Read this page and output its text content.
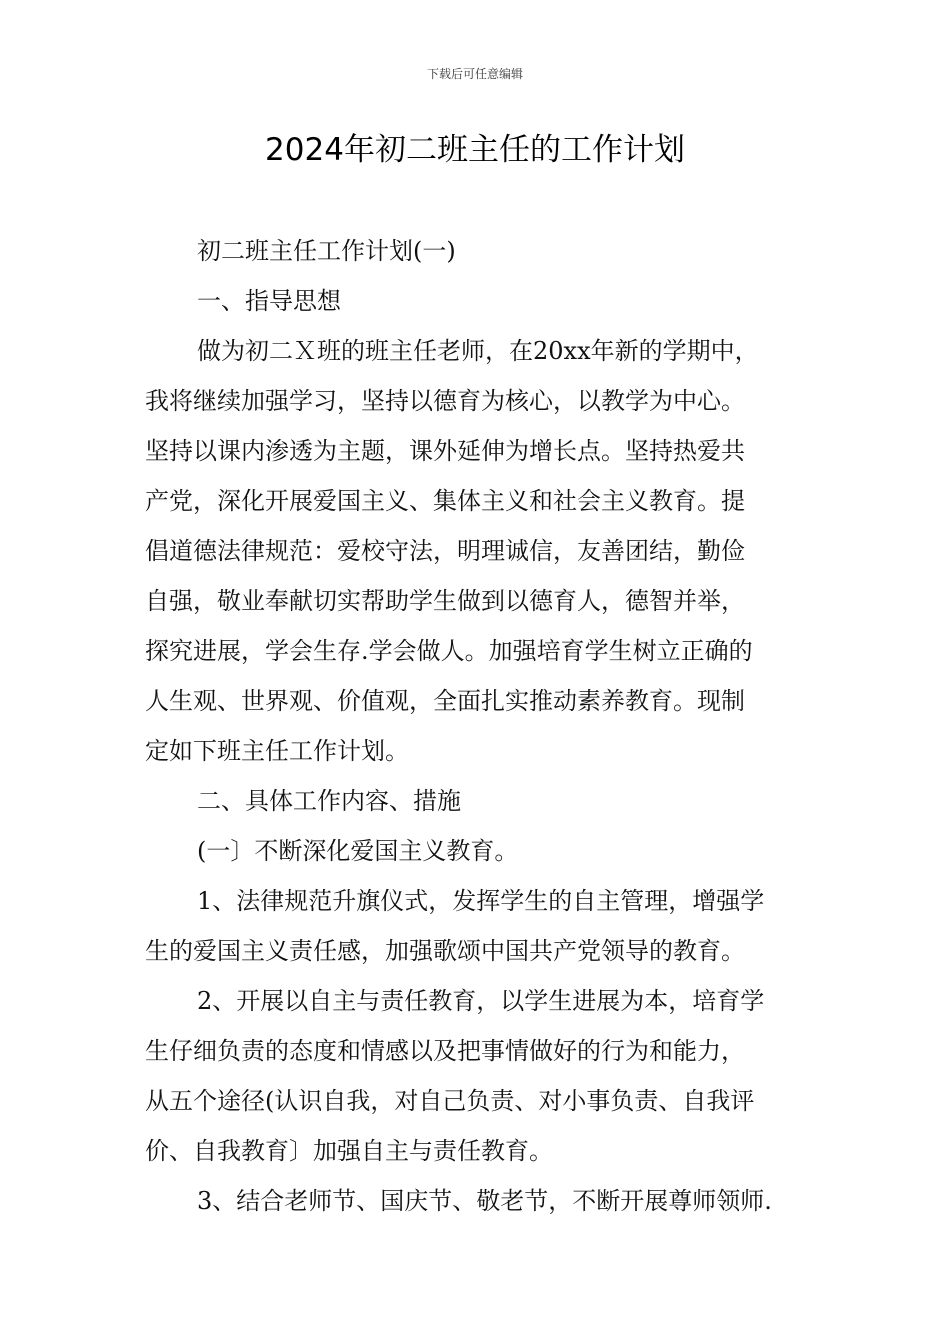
下载后可任意编辑
2024年初二班主任的工作计划
初二班主任工作计划(一)
一、指导思想
做为初二Ｘ班的班主任老师，在20xx年新的学期中，
我将继续加强学习，坚持以德育为核心，以教学为中心。
坚持以课内渗透为主题，课外延伸为增长点。坚持热爱共
产党，深化开展爱国主义、集体主义和社会主义教育。提
倡道德法律规范：爱校守法，明理诚信，友善团结，勤俭
自强，敬业奉献切实帮助学生做到以德育人，德智并举，
探究进展，学会生存.学会做人。加强培育学生树立正确的
人生观、世界观、价值观，全面扎实推动素养教育。现制
定如下班主任工作计划。
二、具体工作内容、措施
(一〕不断深化爱国主义教育。
1、法律规范升旗仪式，发挥学生的自主管理，增强学
生的爱国主义责任感，加强歌颂中国共产党领导的教育。
2、开展以自主与责任教育，以学生进展为本，培育学
生仔细负责的态度和情感以及把事情做好的行为和能力，
从五个途径(认识自我，对自己负责、对小事负责、自我评
价、自我教育〕加强自主与责任教育。
3、结合老师节、国庆节、敬老节，不断开展尊师领师.
